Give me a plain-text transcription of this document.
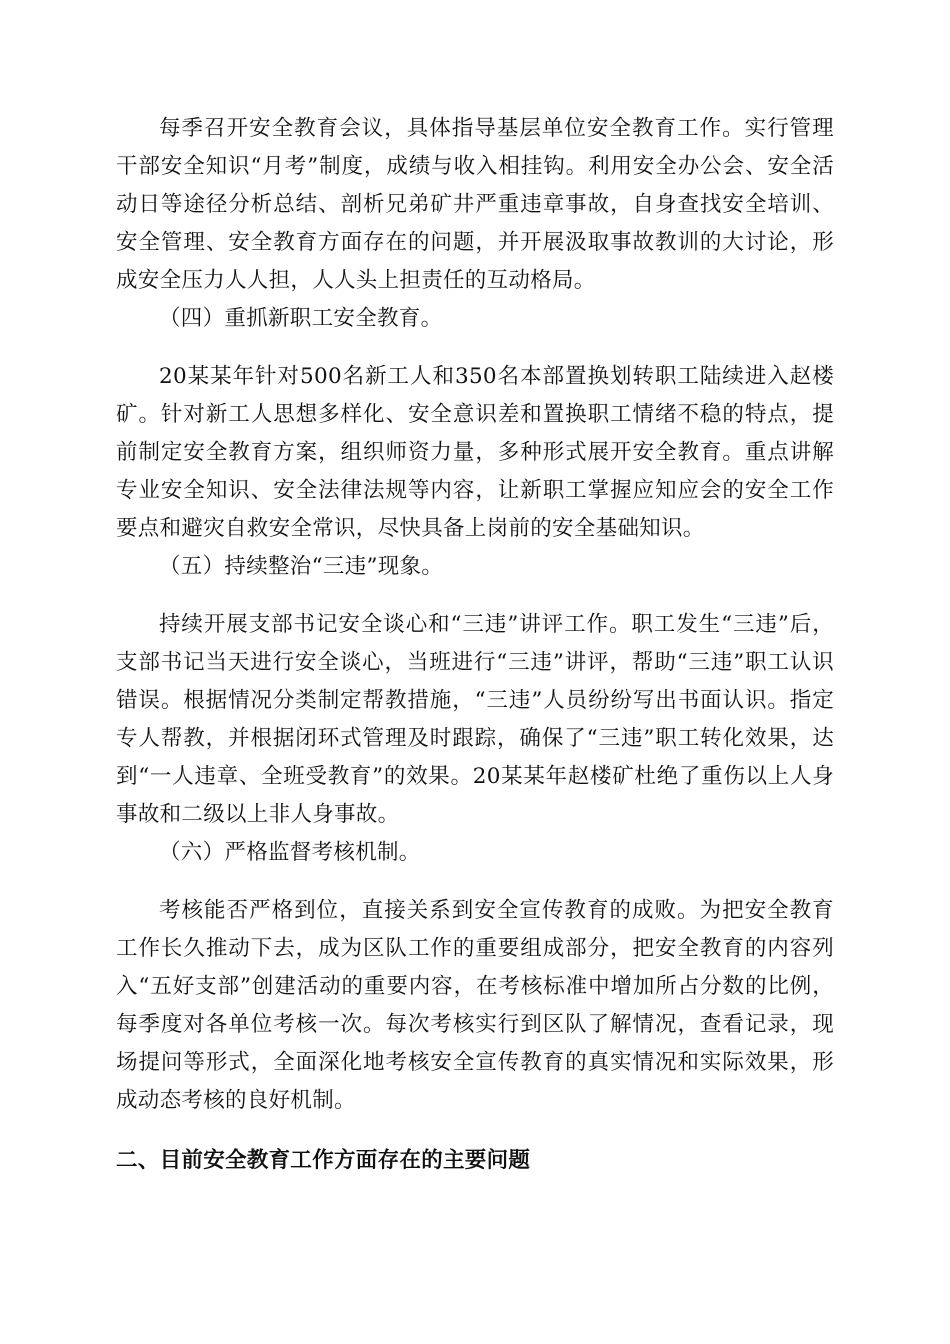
每季召开安全教育会议，具体指导基层单位安全教育工作。实行管理干部安全知识“月考”制度，成绩与收入相挂钩。利用安全办公会、安全活动日等途径分析总结、剖析兄弟矿井严重违章事故，自身查找安全培训、安全管理、安全教育方面存在的问题，并开展汲取事故教训的大讨论，形成安全压力人人担，人人头上担责任的互动格局。

（四）重抓新职工安全教育。

20某某年针对500名新工人和350名本部置换划转职工陆续进入赵楼矿。针对新工人思想多样化、安全意识差和置换职工情绪不稳的特点，提前制定安全教育方案，组织师资力量，多种形式展开安全教育。重点讲解专业安全知识、安全法律法规等内容，让新职工掌握应知应会的安全工作要点和避灾自救安全常识，尽快具备上岗前的安全基础知识。

（五）持续整治“三违”现象。

持续开展支部书记安全谈心和“三违”讲评工作。职工发生“三违”后，支部书记当天进行安全谈心，当班进行“三违”讲评，帮助“三违”职工认识错误。根据情况分类制定帮教措施，“三违”人员纷纷写出书面认识。指定专人帮教，并根据闭环式管理及时跟踪，确保了“三违”职工转化效果，达到“一人违章、全班受教育”的效果。20某某年赵楼矿杜绝了重伤以上人身事故和二级以上非人身事故。

（六）严格监督考核机制。

考核能否严格到位，直接关系到安全宣传教育的成败。为把安全教育工作长久推动下去，成为区队工作的重要组成部分，把安全教育的内容列入“五好支部”创建活动的重要内容，在考核标准中增加所占分数的比例，每季度对各单位考核一次。每次考核实行到区队了解情况，查看记录，现场提问等形式，全面深化地考核安全宣传教育的真实情况和实际效果，形成动态考核的良好机制。

二、目前安全教育工作方面存在的主要问题
